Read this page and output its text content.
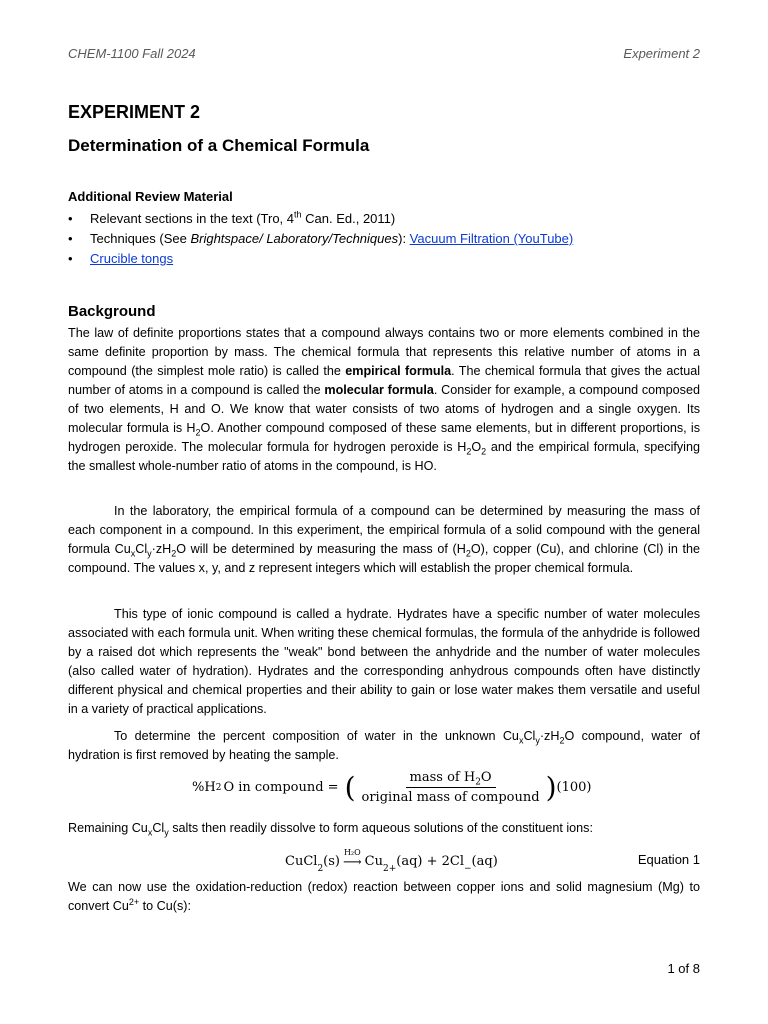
CHEM-1100 Fall 2024	Experiment 2
EXPERIMENT 2
Determination of a Chemical Formula
Additional Review Material
• Relevant sections in the text (Tro, 4th Can. Ed., 2011)
• Techniques (See Brightspace/ Laboratory/Techniques): Vacuum Filtration (YouTube)
• Crucible tongs
Background
The law of definite proportions states that a compound always contains two or more elements combined in the same definite proportion by mass. The chemical formula that represents this relative number of atoms in a compound (the simplest mole ratio) is called the empirical formula. The chemical formula that gives the actual number of atoms in a compound is called the molecular formula. Consider for example, a compound composed of two elements, H and O. We know that water consists of two atoms of hydrogen and a single oxygen. Its molecular formula is $H_2O$. Another compound composed of these same elements, but in different proportions, is hydrogen peroxide. The molecular formula for hydrogen peroxide is $H_2O_2$ and the empirical formula, specifying the smallest whole-number ratio of atoms in the compound, is HO.
In the laboratory, the empirical formula of a compound can be determined by measuring the mass of each component in a compound. In this experiment, the empirical formula of a solid compound with the general formula $Cu_xCl_y\cdot zH_2O$ will be determined by measuring the mass of $(H_2O)$, copper (Cu), and chlorine (Cl) in the compound. The values x, y, and z represent integers which will establish the proper chemical formula.
This type of ionic compound is called a hydrate. Hydrates have a specific number of water molecules associated with each formula unit. When writing these chemical formulas, the formula of the anhydride is followed by a raised dot which represents the "weak" bond between the anhydride and the number of water molecules (also called water of hydration). Hydrates and the corresponding anhydrous compounds often have distinctly different physical and chemical properties and their ability to gain or lose water makes them versatile and useful in a variety of practical applications.
To determine the percent composition of water in the unknown $Cu_xCl_y\cdot zH_2O$ compound, water of hydration is first removed by heating the sample.
%H 2 O in compound = ( $\frac{mass of H_2O}{\text{original mass of compound}}$ ) (100)
Remaining $Cu_xCl_y$ salts then readily dissolve to form aqueous solutions of the constituent ions:
CuCl 2 (s)
H₂O
⟶ Cu 2+ (aq) + 2Cl − (aq)	Equation 1
We can now use the oxidation-reduction (redox) reaction between copper ions and solid magnesium (Mg) to convert $Cu^{2+}$ to Cu(s):
1 of 8
